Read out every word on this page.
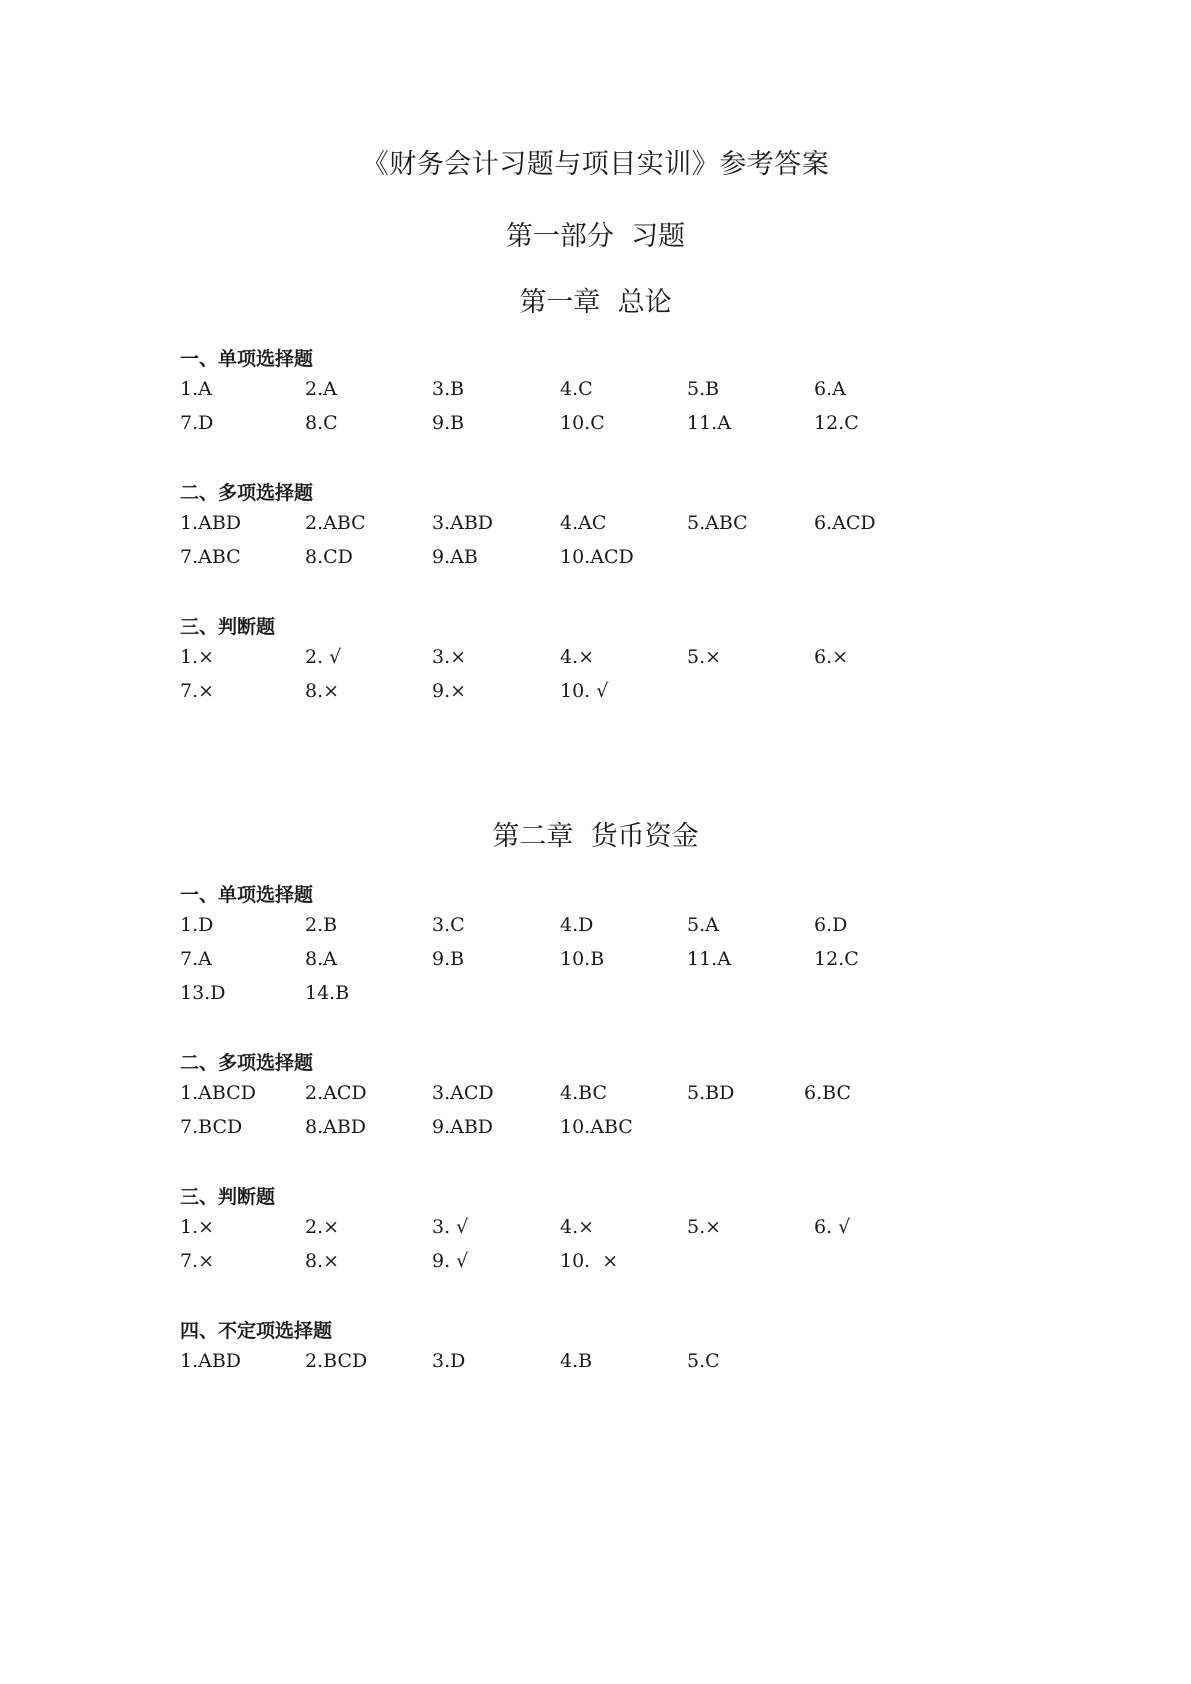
《财务会计习题与项目实训》参考答案
第一部分  习题
第一章  总论
一、单项选择题
1.A	2.A	3.B	4.C	5.B	6.A
7.D	8.C	9.B	10.C	11.A	12.C
二、多项选择题
1.ABD	2.ABC	3.ABD	4.AC	5.ABC	6.ACD
7.ABC	8.CD	9.AB	10.ACD
三、判断题
1.×	2. √	3.×	4.×	5.×	6.×
7.×	8.×	9.×	10. √
第二章  货币资金
一、单项选择题
1.D	2.B	3.C	4.D	5.A	6.D
7.A	8.A	9.B	10.B	11.A	12.C
13.D	14.B
二、多项选择题
1.ABCD	2.ACD	3.ACD	4.BC	5.BD	6.BC
7.BCD	8.ABD	9.ABD	10.ABC
三、判断题
1.×	2.×	3. √	4.×	5.×	6. √
7.×	8.×	9. √	10.  ×
四、不定项选择题
1.ABD	2.BCD	3.D	4.B	5.C
